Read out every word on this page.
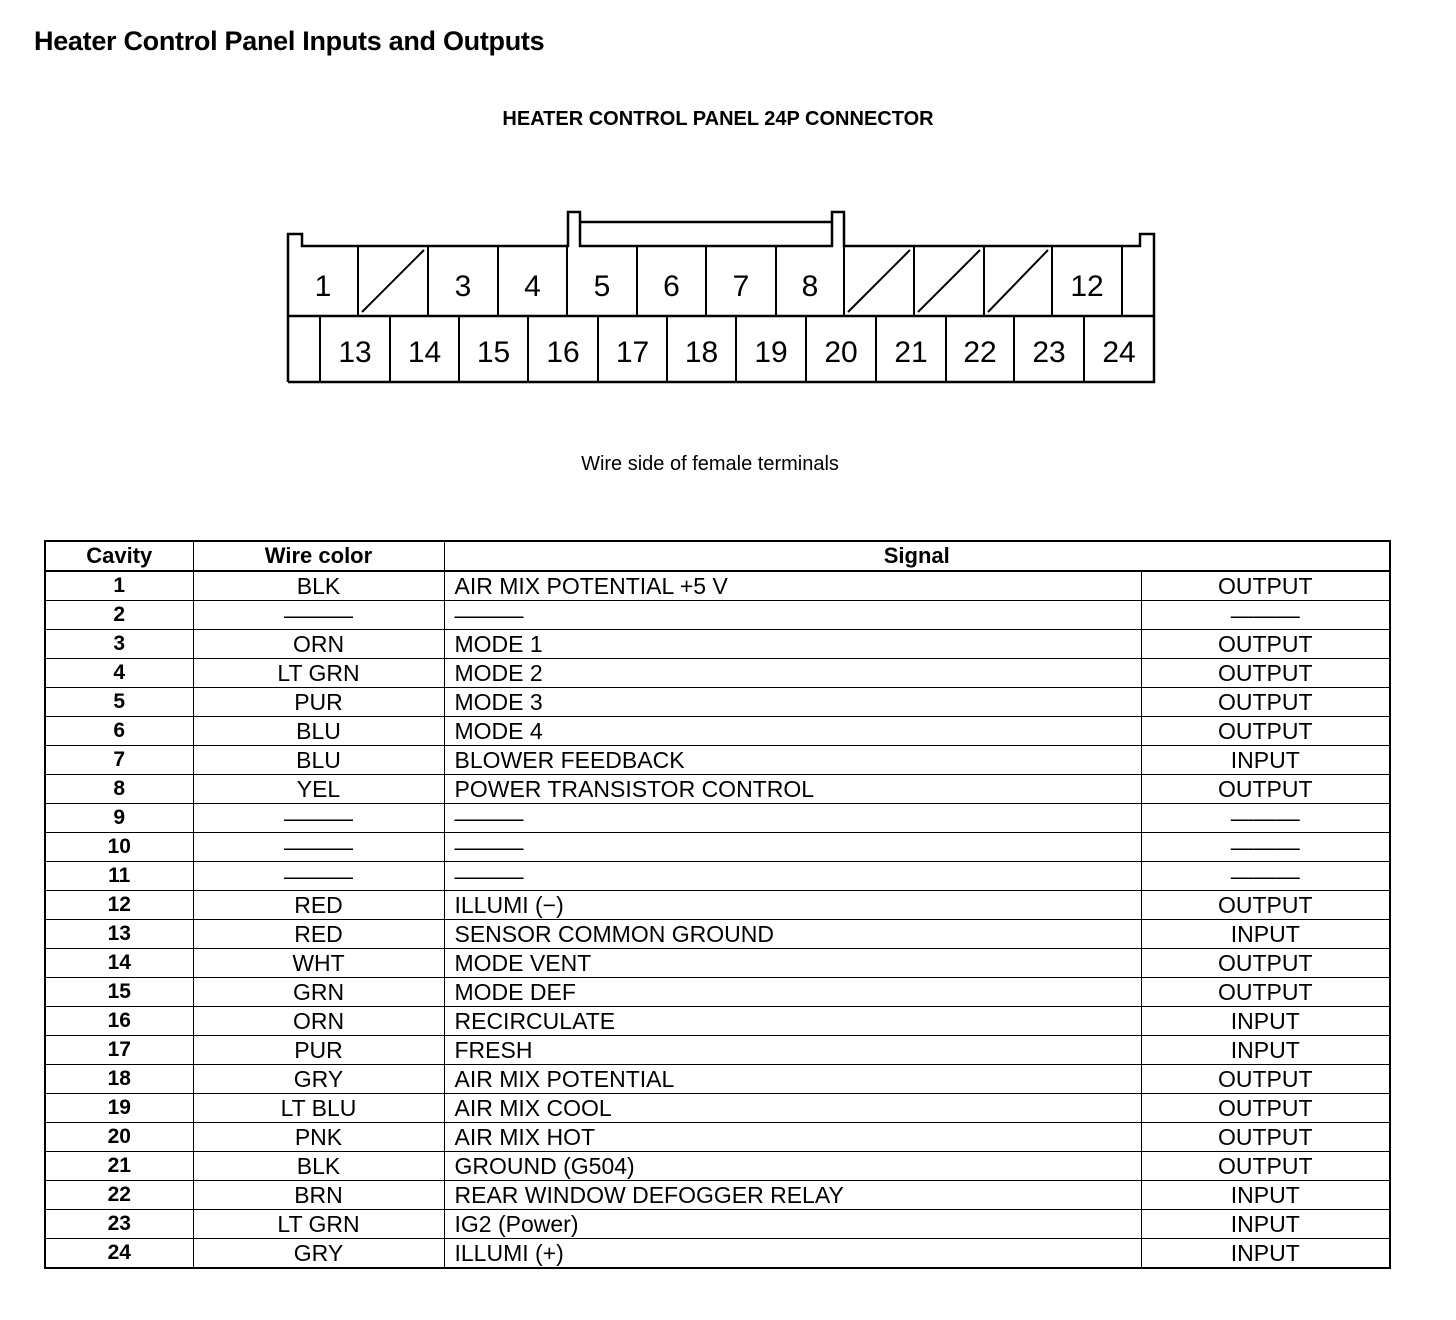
Heater Control Panel Inputs and Outputs
HEATER CONTROL PANEL 24P CONNECTOR
1	3 4 5 6 7 8	12
13 14 15 16 17 18 19 20 21 22 23 24
Wire side of female terminals
Cavity	Wire color	Signal	
1	BLK	AIR MIX POTENTIAL +5 V	OUTPUT
2	———	———	———
3	ORN	MODE 1	OUTPUT
4	LT GRN	MODE 2	OUTPUT
5	PUR	MODE 3	OUTPUT
6	BLU	MODE 4	OUTPUT
7	BLU	BLOWER FEEDBACK	INPUT
8	YEL	POWER TRANSISTOR CONTROL	OUTPUT
9	———	———	———
10	———	———	———
11	———	———	———
12	RED	ILLUMI (−)	OUTPUT
13	RED	SENSOR COMMON GROUND	INPUT
14	WHT	MODE VENT	OUTPUT
15	GRN	MODE DEF	OUTPUT
16	ORN	RECIRCULATE	INPUT
17	PUR	FRESH	INPUT
18	GRY	AIR MIX POTENTIAL	OUTPUT
19	LT BLU	AIR MIX COOL	OUTPUT
20	PNK	AIR MIX HOT	OUTPUT
21	BLK	GROUND (G504)	OUTPUT
22	BRN	REAR WINDOW DEFOGGER RELAY	INPUT
23	LT GRN	IG2 (Power)	INPUT
24	GRY	ILLUMI (+)	INPUT
